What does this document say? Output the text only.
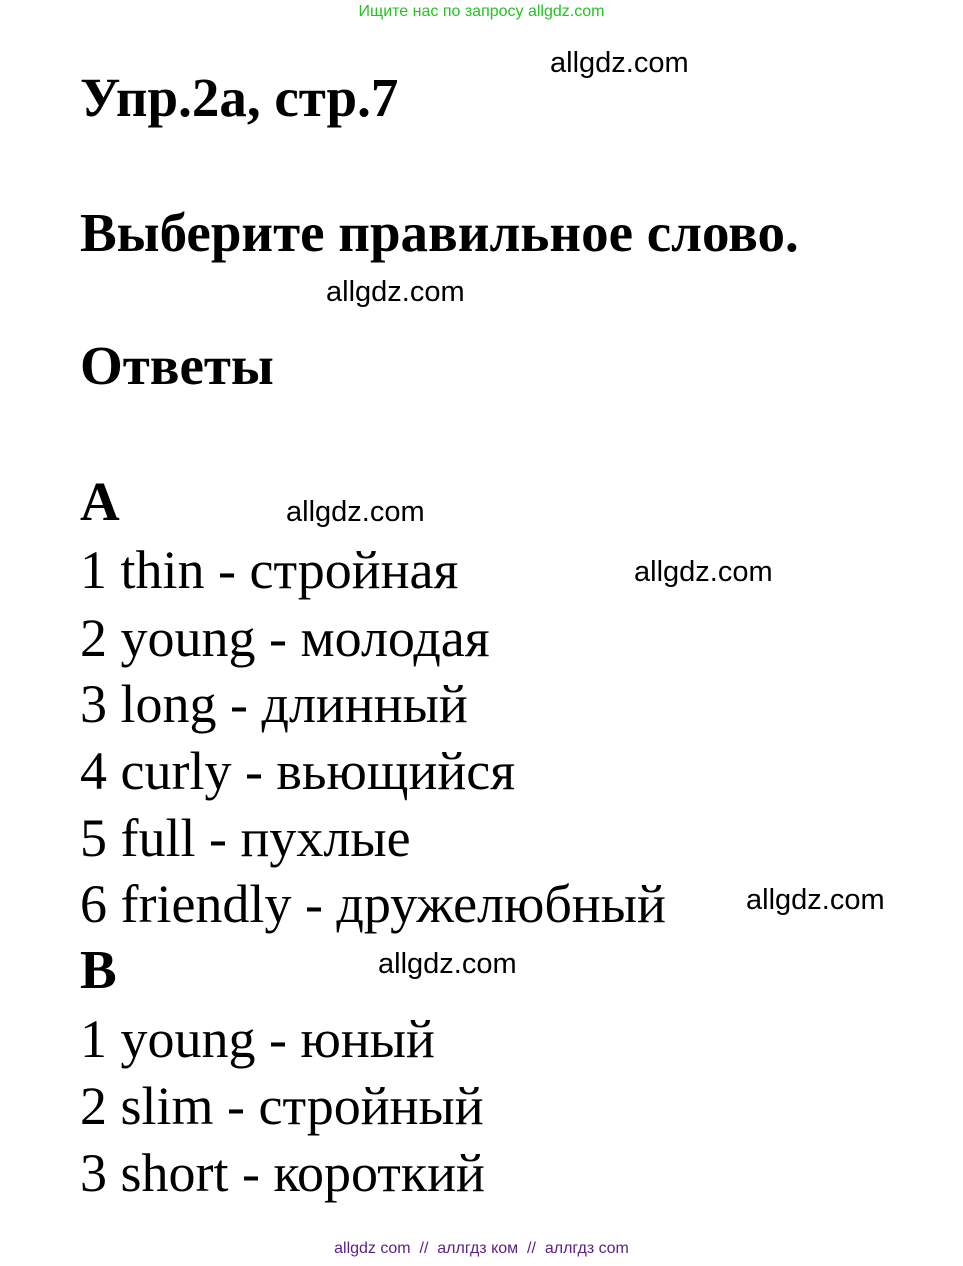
Ищите нас по запросу allgdz.com
Упр.2a, стр.7
allgdz.com
Выберите правильное слово.
allgdz.com
Ответы
A	allgdz.com
1 thin - стройная	allgdz.com
2 young - молодая
3 long - длинный
4 curly - вьющийся
5 full - пухлые
6 friendly - дружелюбный	allgdz.com
B	allgdz.com
1 young - юный
2 slim - стройный
3 short - короткий
allgdz com  //  аллгдз ком  //  аллгдз com
